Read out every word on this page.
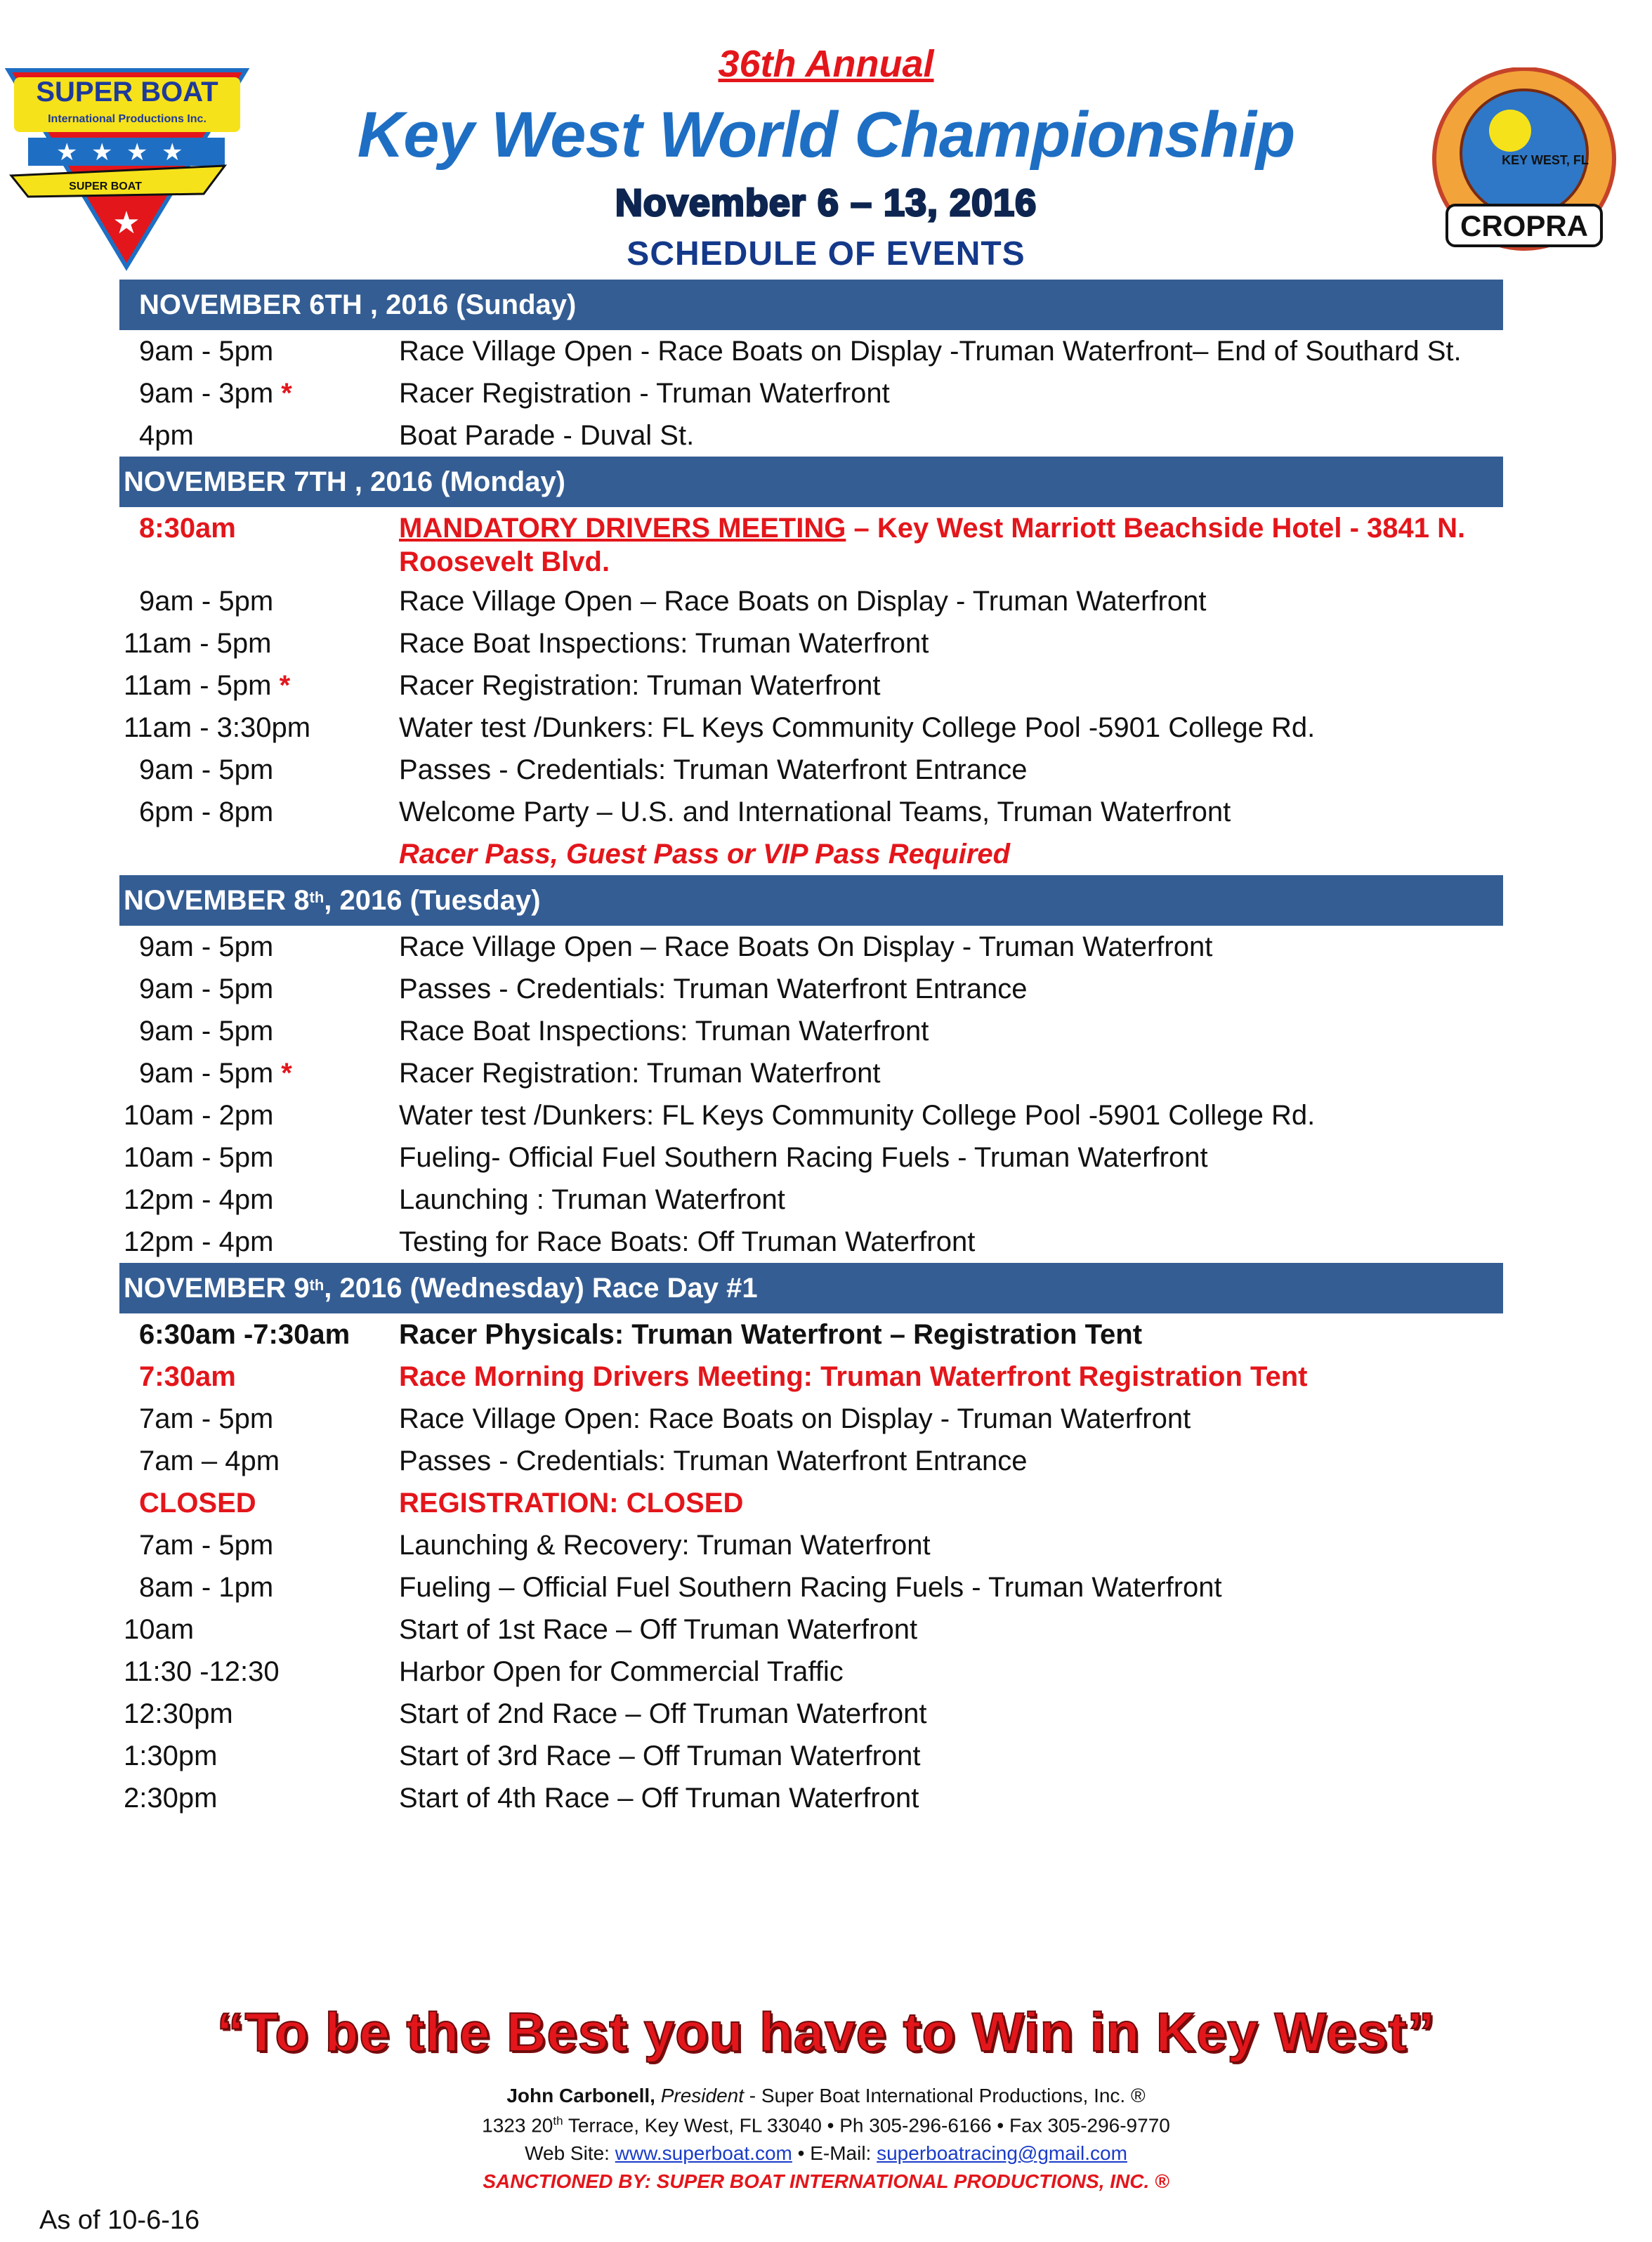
SUPER BOAT
International Productions Inc.
★ ★ ★ ★
SUPER BOAT
★
KEY WEST, FL
CROPRA
36th Annual
Key West World Championship
November 6 – 13, 2016
SCHEDULE OF EVENTS
NOVEMBER 6TH , 2016 (Sunday)
9am - 5pm	Race Village Open - Race Boats on Display -Truman Waterfront– End of Southard St.
9am - 3pm *	Racer Registration - Truman Waterfront
4pm	Boat Parade - Duval St.
NOVEMBER 7TH , 2016 (Monday)
8:30am	MANDATORY DRIVERS MEETING – Key West Marriott Beachside Hotel - 3841 N. Roosevelt Blvd.
9am - 5pm	Race Village Open – Race Boats on Display - Truman Waterfront
11am - 5pm	Race Boat Inspections: Truman Waterfront
11am - 5pm *	Racer Registration: Truman Waterfront
11am - 3:30pm	Water test /Dunkers: FL Keys Community College Pool -5901 College Rd.
9am - 5pm	Passes - Credentials: Truman Waterfront Entrance
6pm - 8pm	Welcome Party – U.S. and International Teams, Truman Waterfront
Racer Pass, Guest Pass or VIP Pass Required
NOVEMBER 8th , 2016 (Tuesday)
9am - 5pm	Race Village Open – Race Boats On Display - Truman Waterfront
9am - 5pm	Passes - Credentials: Truman Waterfront Entrance
9am - 5pm	Race Boat Inspections: Truman Waterfront
9am - 5pm *	Racer Registration: Truman Waterfront
10am - 2pm	Water test /Dunkers: FL Keys Community College Pool -5901 College Rd.
10am - 5pm	Fueling- Official Fuel Southern Racing Fuels - Truman Waterfront
12pm - 4pm	Launching : Truman Waterfront
12pm - 4pm	Testing for Race Boats: Off Truman Waterfront
NOVEMBER 9th , 2016 (Wednesday) Race Day #1
6:30am -7:30am	Racer Physicals: Truman Waterfront – Registration Tent
7:30am	Race Morning Drivers Meeting: Truman Waterfront Registration Tent
7am - 5pm	Race Village Open: Race Boats on Display - Truman Waterfront
7am – 4pm	Passes - Credentials: Truman Waterfront Entrance
CLOSED	REGISTRATION: CLOSED
7am - 5pm	Launching & Recovery: Truman Waterfront
8am - 1pm	Fueling – Official Fuel Southern Racing Fuels - Truman Waterfront
10am	Start of 1st Race – Off Truman Waterfront
11:30 -12:30	Harbor Open for Commercial Traffic
12:30pm	Start of 2nd Race – Off Truman Waterfront
1:30pm	Start of 3rd Race – Off Truman Waterfront
2:30pm	Start of 4th Race – Off Truman Waterfront
“To be the Best you have to Win in Key West”
John Carbonell, President - Super Boat International Productions, Inc. ®
1323 20th Terrace, Key West, FL 33040 • Ph 305-296-6166 • Fax 305-296-9770
Web Site: www.superboat.com • E-Mail: superboatracing@gmail.com
SANCTIONED BY: SUPER BOAT INTERNATIONAL PRODUCTIONS, INC. ®
As of 10-6-16
